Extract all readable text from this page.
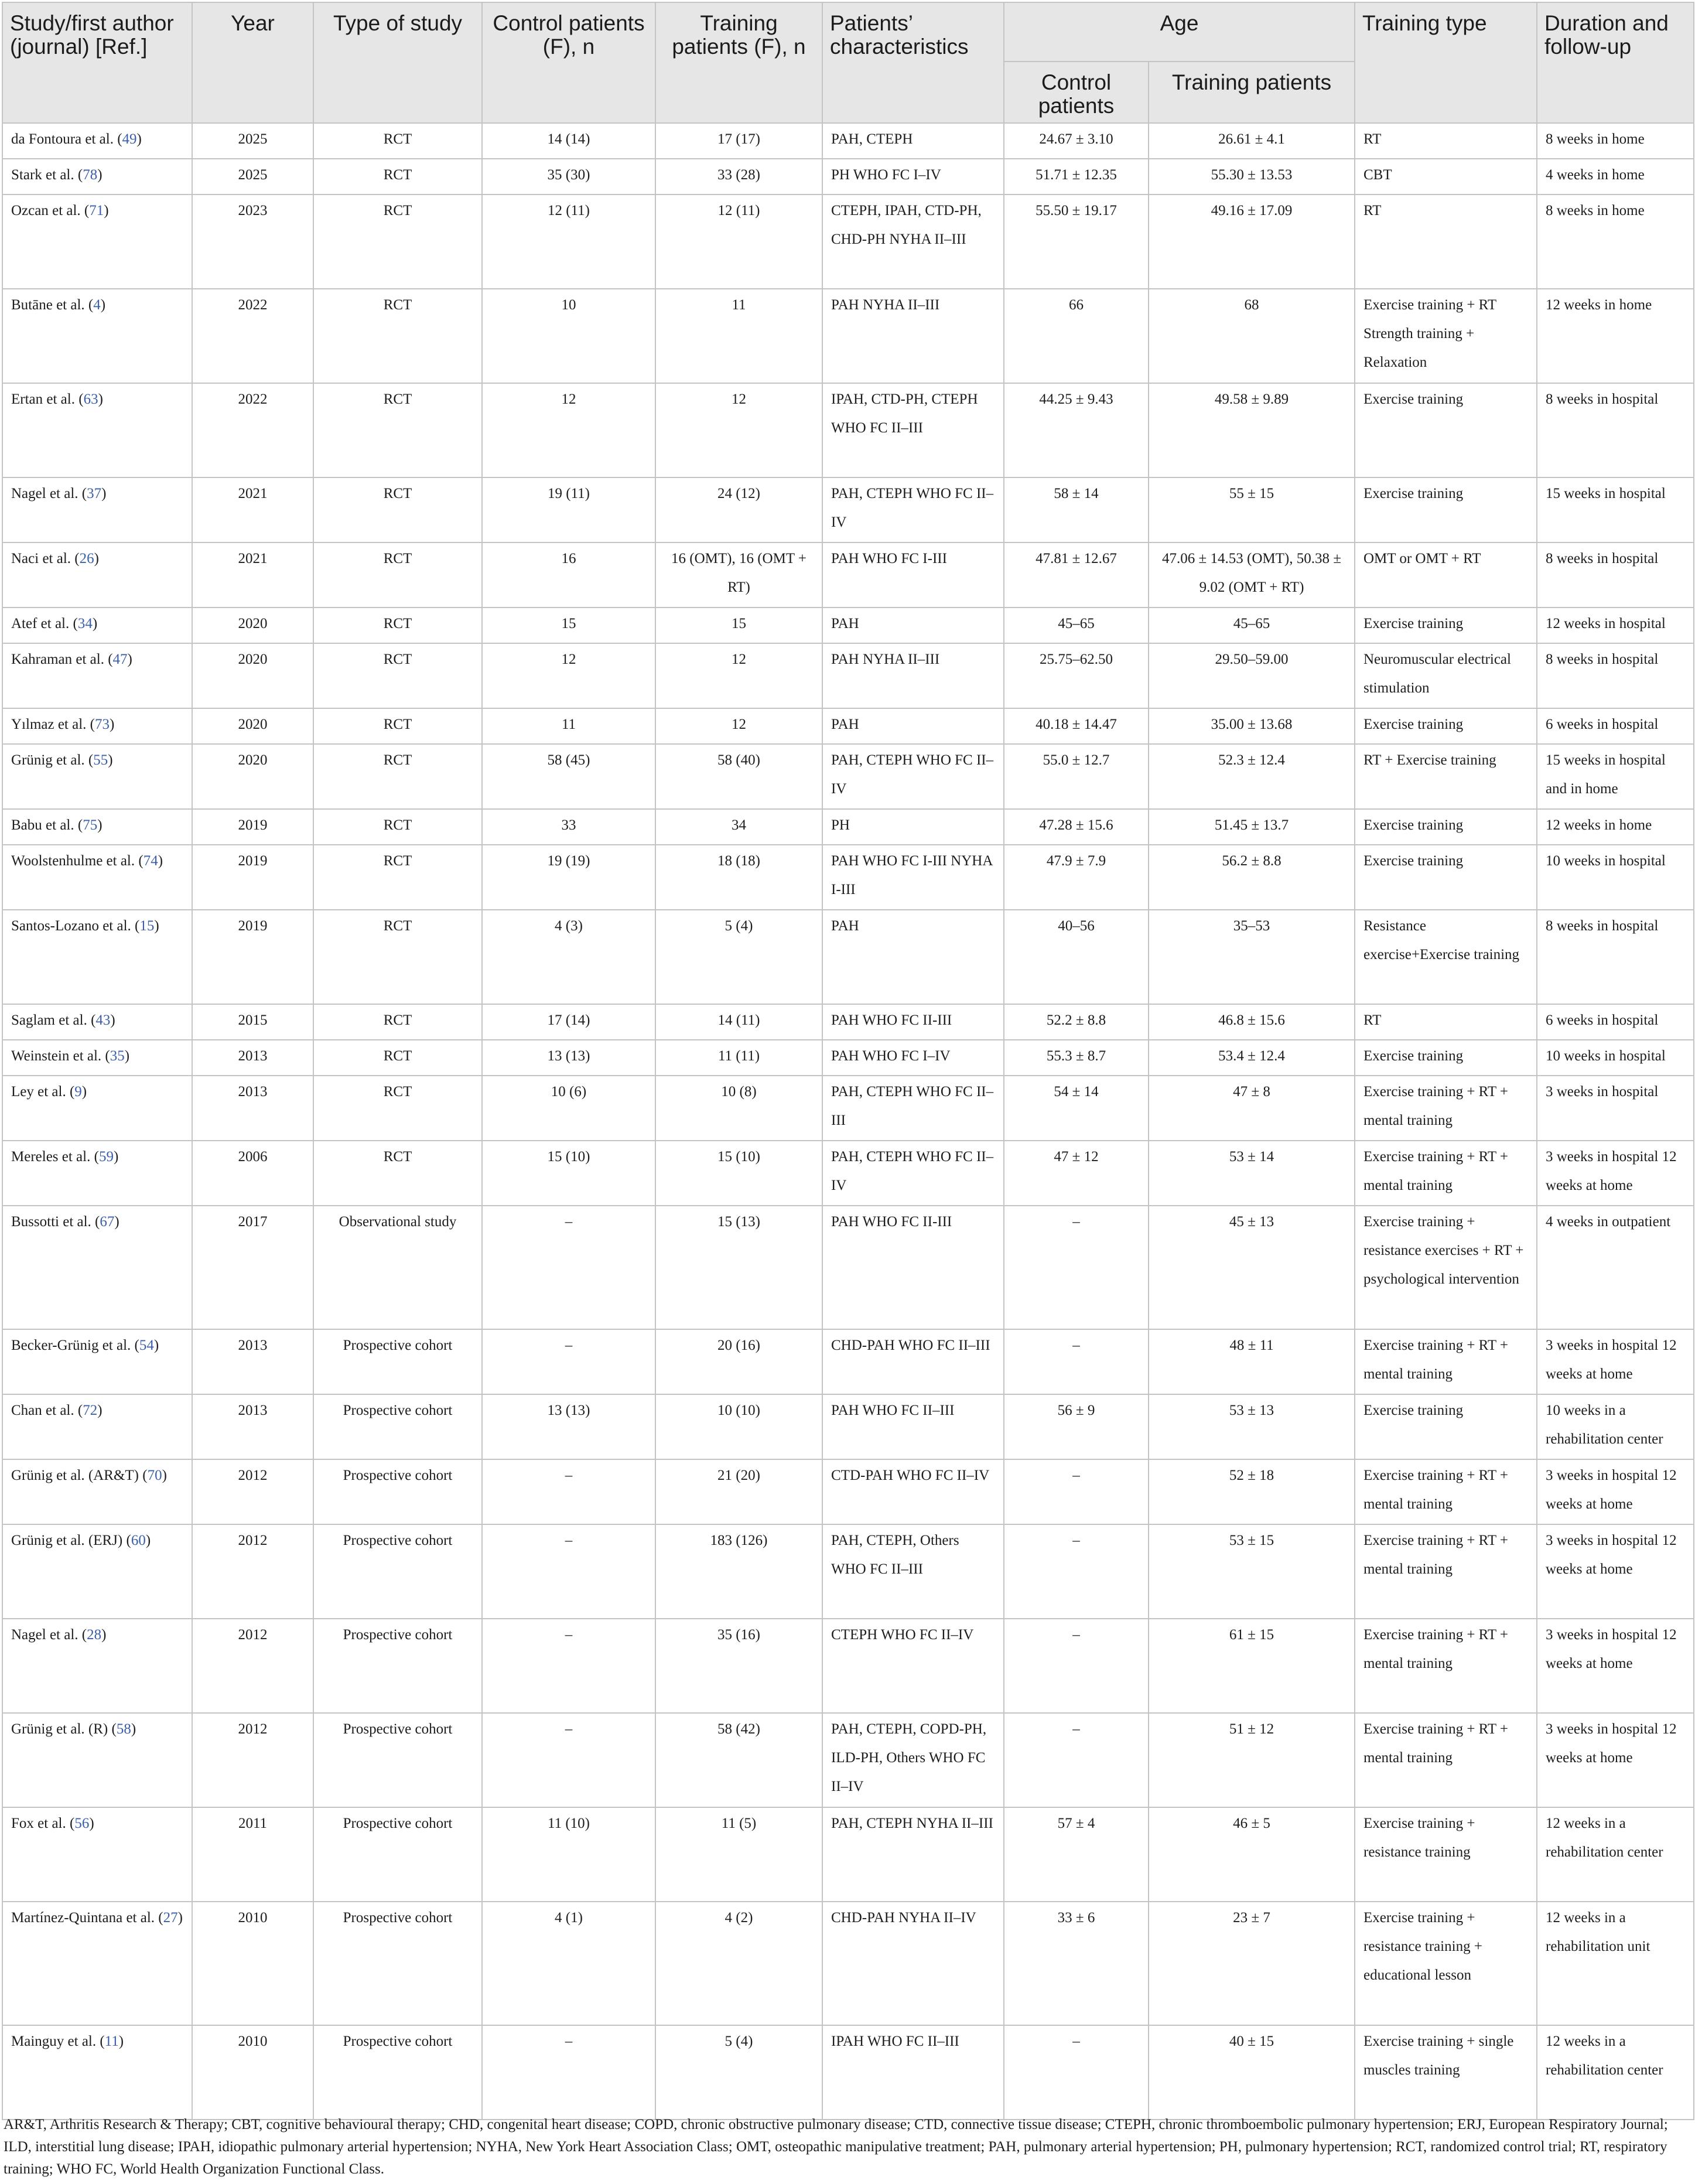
Study/first author (journal) [Ref.]	Year	Type of study	Control patients (F), n	Training patients (F), n	Patients’ characteristics	Age		Training type	Duration and follow-up
						Control patients	Training patients		
da Fontoura et al. (49)	2025	RCT	14 (14)	17 (17)	PAH, CTEPH	24.67 ± 3.10	26.61 ± 4.1	RT	8 weeks in home
Stark et al. (78)	2025	RCT	35 (30)	33 (28)	PH WHO FC I–IV	51.71 ± 12.35	55.30 ± 13.53	CBT	4 weeks in home
Ozcan et al. (71)	2023	RCT	12 (11)	12 (11)	CTEPH, IPAH, CTD-PH, CHD-PH NYHA II–III	55.50 ± 19.17	49.16 ± 17.09	RT	8 weeks in home
Butāne et al. (4)	2022	RCT	10	11	PAH NYHA II–III	66	68	Exercise training + RT Strength training + Relaxation	12 weeks in home
Ertan et al. (63)	2022	RCT	12	12	IPAH, CTD-PH, CTEPH WHO FC II–III	44.25 ± 9.43	49.58 ± 9.89	Exercise training	8 weeks in hospital
Nagel et al. (37)	2021	RCT	19 (11)	24 (12)	PAH, CTEPH WHO FC II–IV	58 ± 14	55 ± 15	Exercise training	15 weeks in hospital
Naci et al. (26)	2021	RCT	16	16 (OMT), 16 (OMT + RT)	PAH WHO FC I-III	47.81 ± 12.67	47.06 ± 14.53 (OMT), 50.38 ± 9.02 (OMT + RT)	OMT or OMT + RT	8 weeks in hospital
Atef et al. (34)	2020	RCT	15	15	PAH	45–65	45–65	Exercise training	12 weeks in hospital
Kahraman et al. (47)	2020	RCT	12	12	PAH NYHA II–III	25.75–62.50	29.50–59.00	Neuromuscular electrical stimulation	8 weeks in hospital
Yılmaz et al. (73)	2020	RCT	11	12	PAH	40.18 ± 14.47	35.00 ± 13.68	Exercise training	6 weeks in hospital
Grünig et al. (55)	2020	RCT	58 (45)	58 (40)	PAH, CTEPH WHO FC II–IV	55.0 ± 12.7	52.3 ± 12.4	RT + Exercise training	15 weeks in hospital and in home
Babu et al. (75)	2019	RCT	33	34	PH	47.28 ± 15.6	51.45 ± 13.7	Exercise training	12 weeks in home
Woolstenhulme et al. (74)	2019	RCT	19 (19)	18 (18)	PAH WHO FC I-III NYHA I-III	47.9 ± 7.9	56.2 ± 8.8	Exercise training	10 weeks in hospital
Santos-Lozano et al. (15)	2019	RCT	4 (3)	5 (4)	PAH	40–56	35–53	Resistance exercise+Exercise training	8 weeks in hospital
Saglam et al. (43)	2015	RCT	17 (14)	14 (11)	PAH WHO FC II-III	52.2 ± 8.8	46.8 ± 15.6	RT	6 weeks in hospital
Weinstein et al. (35)	2013	RCT	13 (13)	11 (11)	PAH WHO FC I–IV	55.3 ± 8.7	53.4 ± 12.4	Exercise training	10 weeks in hospital
Ley et al. (9)	2013	RCT	10 (6)	10 (8)	PAH, CTEPH WHO FC II–III	54 ± 14	47 ± 8	Exercise training + RT + mental training	3 weeks in hospital
Mereles et al. (59)	2006	RCT	15 (10)	15 (10)	PAH, CTEPH WHO FC II–IV	47 ± 12	53 ± 14	Exercise training + RT + mental training	3 weeks in hospital 12 weeks at home
Bussotti et al. (67)	2017	Observational study	–	15 (13)	PAH WHO FC II-III	–	45 ± 13	Exercise training + resistance exercises + RT + psychological intervention	4 weeks in outpatient
Becker-Grünig et al. (54)	2013	Prospective cohort	–	20 (16)	CHD-PAH WHO FC II–III	–	48 ± 11	Exercise training + RT + mental training	3 weeks in hospital 12 weeks at home
Chan et al. (72)	2013	Prospective cohort	13 (13)	10 (10)	PAH WHO FC II–III	56 ± 9	53 ± 13	Exercise training	10 weeks in a rehabilitation center
Grünig et al. (AR&T) (70)	2012	Prospective cohort	–	21 (20)	CTD-PAH WHO FC II–IV	–	52 ± 18	Exercise training + RT + mental training	3 weeks in hospital 12 weeks at home
Grünig et al. (ERJ) (60)	2012	Prospective cohort	–	183 (126)	PAH, CTEPH, Others WHO FC II–III	–	53 ± 15	Exercise training + RT + mental training	3 weeks in hospital 12 weeks at home
Nagel et al. (28)	2012	Prospective cohort	–	35 (16)	CTEPH WHO FC II–IV	–	61 ± 15	Exercise training + RT + mental training	3 weeks in hospital 12 weeks at home
Grünig et al. (R) (58)	2012	Prospective cohort	–	58 (42)	PAH, CTEPH, COPD-PH, ILD-PH, Others WHO FC II–IV	–	51 ± 12	Exercise training + RT + mental training	3 weeks in hospital 12 weeks at home
Fox et al. (56)	2011	Prospective cohort	11 (10)	11 (5)	PAH, CTEPH NYHA II–III	57 ± 4	46 ± 5	Exercise training + resistance training	12 weeks in a rehabilitation center
Martínez-Quintana et al. (27)	2010	Prospective cohort	4 (1)	4 (2)	CHD-PAH NYHA II–IV	33 ± 6	23 ± 7	Exercise training + resistance training + educational lesson	12 weeks in a rehabilitation unit
Mainguy et al. (11)	2010	Prospective cohort	–	5 (4)	IPAH WHO FC II–III	–	40 ± 15	Exercise training + single muscles training	12 weeks in a rehabilitation center
AR&T, Arthritis Research & Therapy; CBT, cognitive behavioural therapy; CHD, congenital heart disease; COPD, chronic obstructive pulmonary disease; CTD, connective tissue disease; CTEPH, chronic thromboembolic pulmonary hypertension; ERJ, European Respiratory Journal; ILD, interstitial lung disease; IPAH, idiopathic pulmonary arterial hypertension; NYHA, New York Heart Association Class; OMT, osteopathic manipulative treatment; PAH, pulmonary arterial hypertension; PH, pulmonary hypertension; RCT, randomized control trial; RT, respiratory training; WHO FC, World Health Organization Functional Class.
